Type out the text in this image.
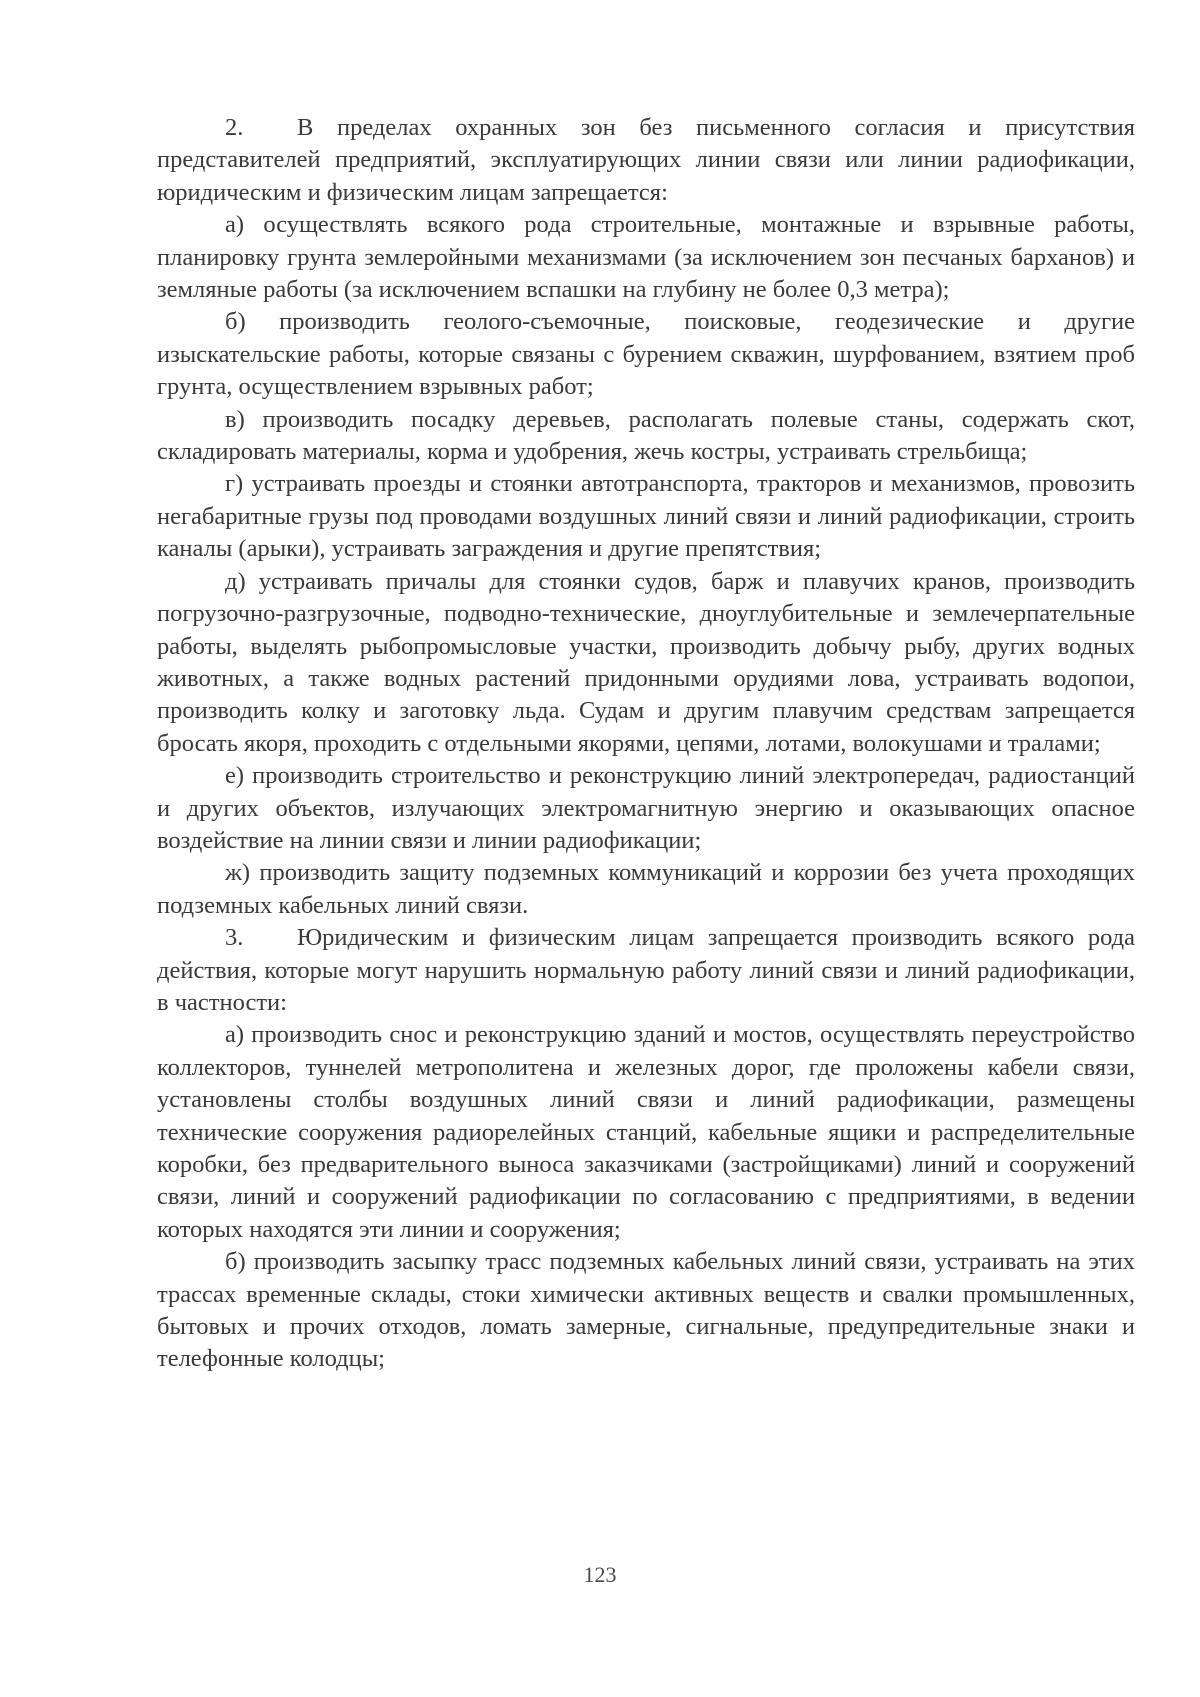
2. В пределах охранных зон без письменного согласия и присутствия представителей предприятий, эксплуатирующих линии связи или линии радиофикации, юридическим и физическим лицам запрещается:

а) осуществлять всякого рода строительные, монтажные и взрывные работы, планировку грунта землеройными механизмами (за исключением зон песчаных барханов) и земляные работы (за исключением вспашки на глубину не более 0,3 метра);

б) производить геолого-съемочные, поисковые, геодезические и другие изыскательские работы, которые связаны с бурением скважин, шурфованием, взятием проб грунта, осуществлением взрывных работ;

в) производить посадку деревьев, располагать полевые станы, содержать скот, складировать материалы, корма и удобрения, жечь костры, устраивать стрельбища;

г) устраивать проезды и стоянки автотранспорта, тракторов и механизмов, провозить негабаритные грузы под проводами воздушных линий связи и линий радиофикации, строить каналы (арыки), устраивать заграждения и другие препятствия;

д) устраивать причалы для стоянки судов, барж и плавучих кранов, производить погрузочно-разгрузочные, подводно-технические, дноуглубительные и землечерпательные работы, выделять рыбопромысловые участки, производить добычу рыбу, других водных животных, а также водных растений придонными орудиями лова, устраивать водопои, производить колку и заготовку льда. Судам и другим плавучим средствам запрещается бросать якоря, проходить с отдельными якорями, цепями, лотами, волокушами и тралами;

е) производить строительство и реконструкцию линий электропередач, радиостанций и других объектов, излучающих электромагнитную энергию и оказывающих опасное воздействие на линии связи и линии радиофикации;

ж) производить защиту подземных коммуникаций и коррозии без учета проходящих подземных кабельных линий связи.

3. Юридическим и физическим лицам запрещается производить всякого рода действия, которые могут нарушить нормальную работу линий связи и линий радиофикации, в частности:

а) производить снос и реконструкцию зданий и мостов, осуществлять переустройство коллекторов, туннелей метрополитена и железных дорог, где проложены кабели связи, установлены столбы воздушных линий связи и линий радиофикации, размещены технические сооружения радиорелейных станций, кабельные ящики и распределительные коробки, без предварительного выноса заказчиками (застройщиками) линий и сооружений связи, линий и сооружений радиофикации по согласованию с предприятиями, в ведении которых находятся эти линии и сооружения;

б) производить засыпку трасс подземных кабельных линий связи, устраивать на этих трассах временные склады, стоки химически активных веществ и свалки промышленных, бытовых и прочих отходов, ломать замерные, сигнальные, предупредительные знаки и телефонные колодцы;

123
